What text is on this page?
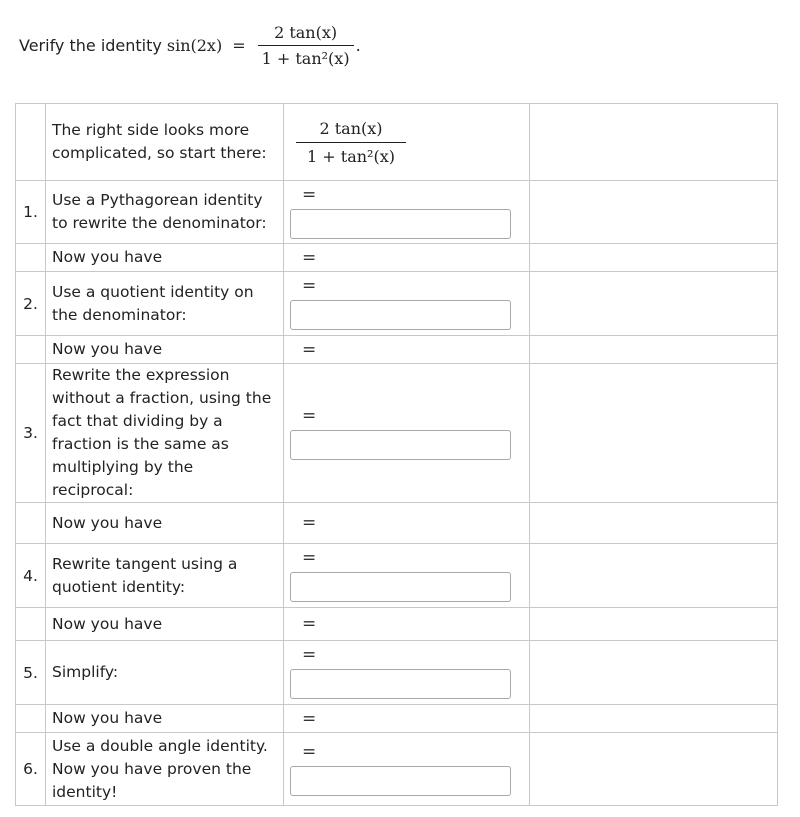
Verify the identity $\sin(2x) = \frac{2 \tan(x)}{\text{1 + tan²(x)}}$ .
	The right side looks more complicated, so start there:	2 tan(x)
1 + tan²(x)	

1.	Use a Pythagorean identity to rewrite the denominator:	=	

	Now you have	=	

2.	Use a quotient identity on the denominator:	=	

	Now you have	=	

3.	Rewrite the expression without a fraction, using the fact that dividing by a fraction is the same as multiplying by the reciprocal:	=	

	Now you have	=	

4.	Rewrite tangent using a quotient identity:	=	

	Now you have	=	

5.	Simplify:	=	

	Now you have	=	

6.	Use a double angle identity. Now you have proven the identity!	=	
